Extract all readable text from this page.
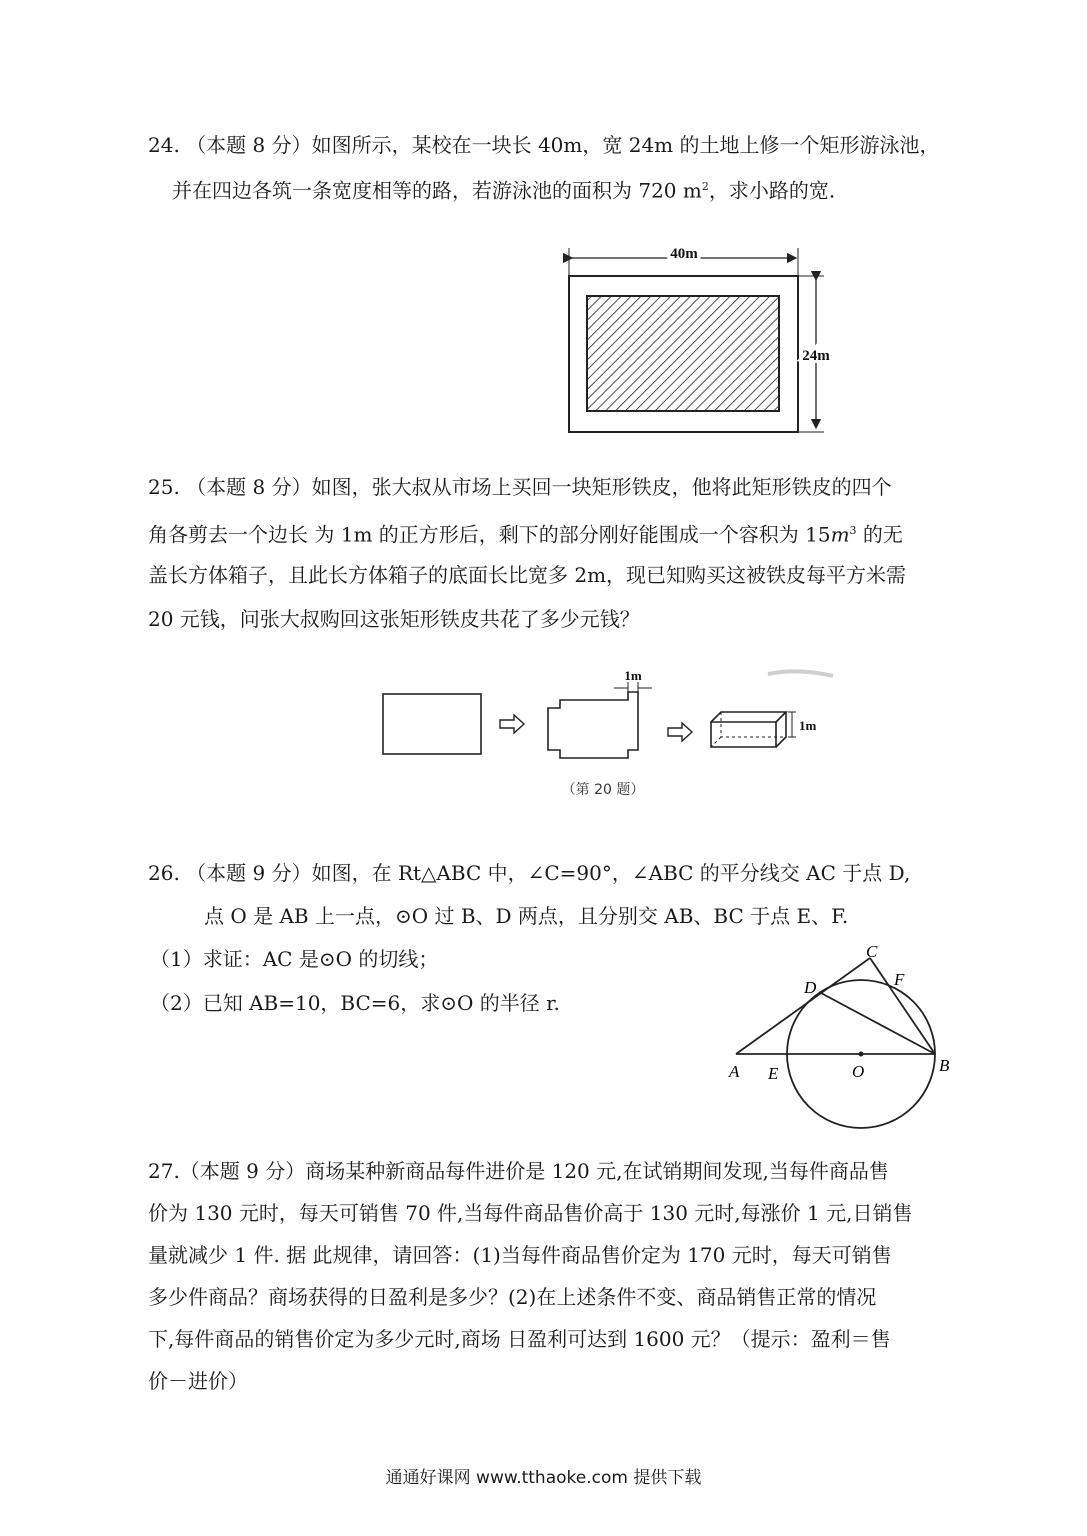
24. （本题 8 分）如图所示，某校在一块长 40m，宽 24m 的土地上修一个矩形游泳池，
并在四边各筑一条宽度相等的路，若游泳池的面积为 720 $m^2$，求小路的宽.
40m
24m
25. （本题 8 分）如图，张大叔从市场上买回一块矩形铁皮，他将此矩形铁皮的四个
角各剪去一个边长 为 1m 的正方形后，剩下的部分刚好能围成一个容积为 $15m^3$ 的无
盖长方体箱子，且此长方体箱子的底面长比宽多 2m，现已知购买这被铁皮每平方米需
20 元钱，问张大叔购回这张矩形铁皮共花了多少元钱？
1m
1m
（第 20 题）
26. （本题 9 分）如图，在 Rt△ABC 中，∠C=90°，∠ABC 的平分线交 AC 于点 D,
点 O 是 AB 上一点，⊙O 过 B、D 两点，且分别交 AB、BC 于点 E、F.
（1）求证：AC 是⊙O 的切线；
（2）已知 AB=10，BC=6，求⊙O 的半径 r.
A	B
C
D
E
F
O
27.（本题 9 分）商场某种新商品每件进价是 120 元,在试销期间发现,当每件商品售
价为 130 元时，每天可销售 70 件,当每件商品售价高于 130 元时,每涨价 1 元,日销售
量就减少 1 件. 据 此规律，请回答：(1)当每件商品售价定为 170 元时，每天可销售
多少件商品？商场获得的日盈利是多少？(2)在上述条件不变、商品销售正常的情况
下,每件商品的销售价定为多少元时,商场 日盈利可达到 1600 元？（提示：盈利＝售
价－进价）
通通好课网 www.tthaoke.com 提供下载
